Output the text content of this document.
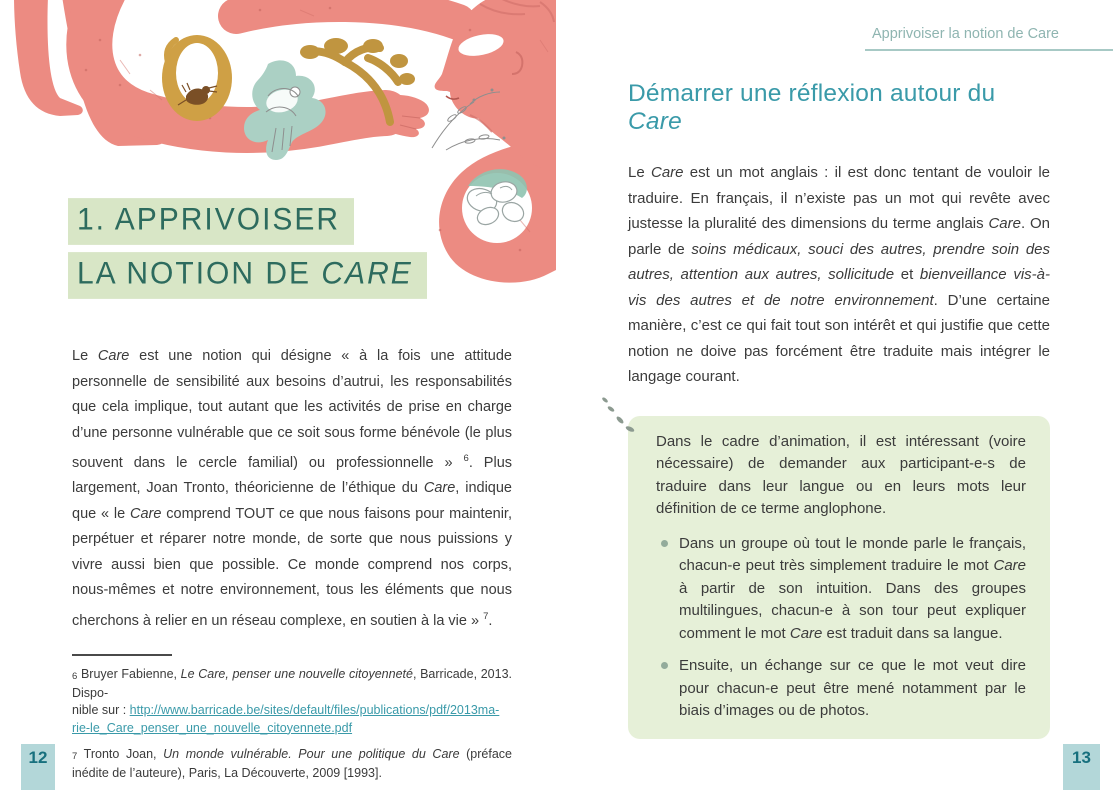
1. APPRIVOISER
LA NOTION DE CARE

Le Care est une notion qui désigne « à la fois une attitude personnelle de sensibilité aux besoins d’autrui, les responsabilités que cela implique, tout autant que les activités de prise en charge d’une personne vulnérable que ce soit sous forme bénévole (le plus souvent dans le cercle familial) ou professionnelle » $^6$. Plus largement, Joan Tronto, théoricienne de l’éthique du Care, indique que « le Care comprend TOUT ce que nous faisons pour maintenir, perpétuer et réparer notre monde, de sorte que nous puissions y vivre aussi bien que possible. Ce monde comprend nos corps, nous-mêmes et notre environnement, tous les éléments que nous cherchons à relier en un réseau complexe, en soutien à la vie » $^7$.

$_6$ Bruyer Fabienne, Le Care, penser une nouvelle citoyenneté, Barricade, 2013. Dispo-
nible sur : http://www.barricade.be/sites/default/files/publications/pdf/2013ma-
rie-le_Care_penser_une_nouvelle_citoyennete.pdf

$_7$ Tronto Joan, Un monde vulnérable. Pour une politique du Care (préface inédite de l’auteure), Paris, La Découverte, 2009 [1993].

12
Apprivoiser la notion de Care
Démarrer une réflexion autour du Care

Le Care est un mot anglais : il est donc tentant de vouloir le traduire. En français, il n’existe pas un mot qui revête avec justesse la pluralité des dimensions du terme anglais Care. On parle de soins médicaux, souci des autres, prendre soin des autres, attention aux autres, sollicitude et bienveillance vis-à-vis des autres et de notre environnement. D’une certaine manière, c’est ce qui fait tout son intérêt et qui justifie que cette notion ne doive pas forcément être traduite mais intégrer le langage courant.

Dans le cadre d’animation, il est intéressant (voire nécessaire) de demander aux participant-e-s de traduire dans leur langue ou en leurs mots leur définition de ce terme anglophone.

Dans un groupe où tout le monde parle le français, chacun-e peut très simplement traduire le mot Care à partir de son intuition. Dans des groupes multilingues, chacun-e à son tour peut expliquer comment le mot Care est traduit dans sa langue.
Ensuite, un échange sur ce que le mot veut dire pour chacun-e peut être mené notamment par le biais d’images ou de photos.
13
